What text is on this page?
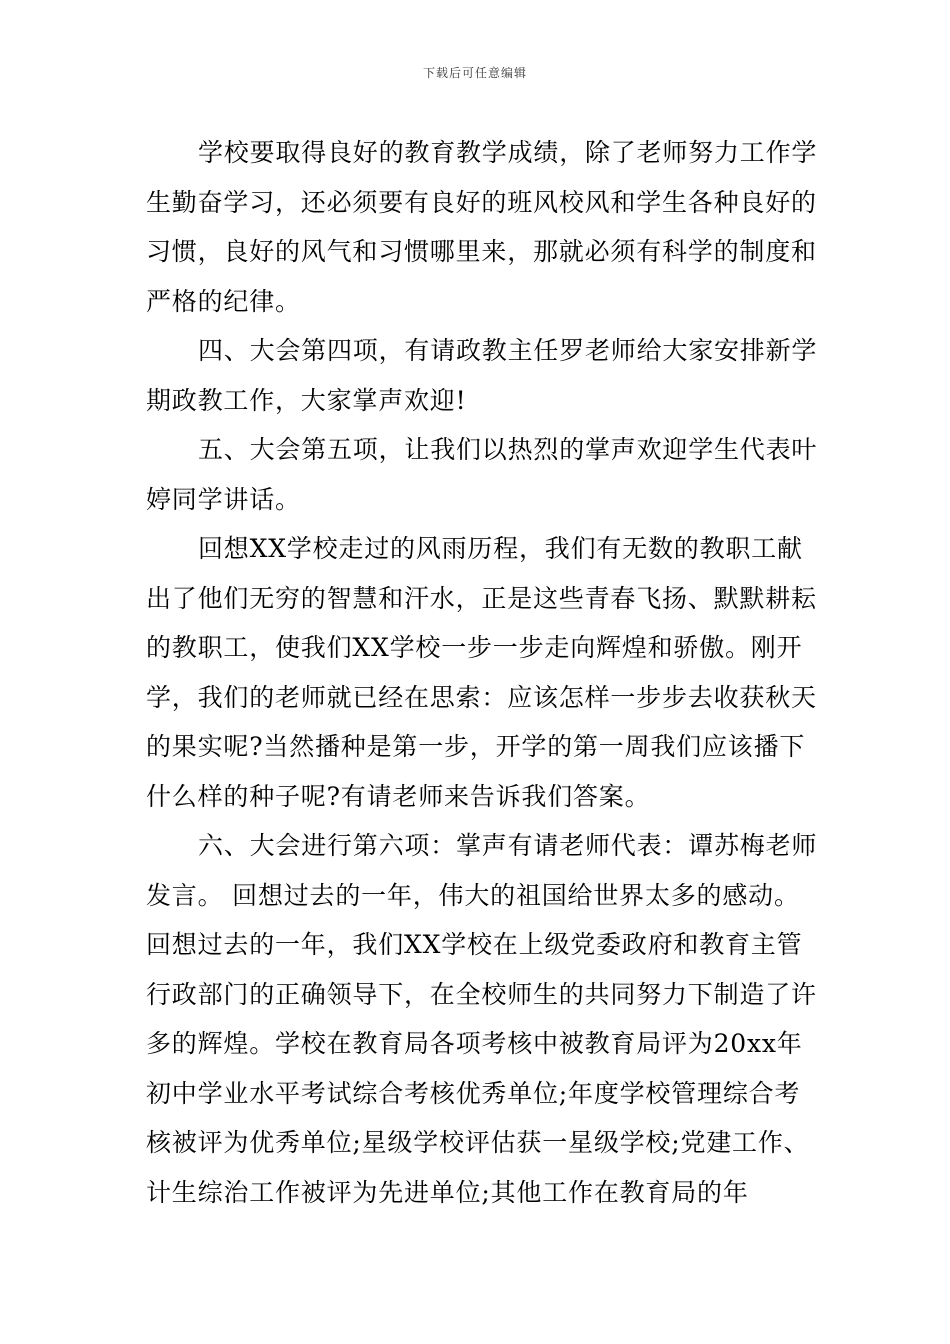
下载后可任意编辑

学校要取得良好的教育教学成绩，除了老师努力工作学生勤奋学习，还必须要有良好的班风校风和学生各种良好的习惯，良好的风气和习惯哪里来，那就必须有科学的制度和严格的纪律。

四、大会第四项，有请政教主任罗老师给大家安排新学期政教工作，大家掌声欢迎!

五、大会第五项，让我们以热烈的掌声欢迎学生代表叶婷同学讲话。

回想XX学校走过的风雨历程，我们有无数的教职工献出了他们无穷的智慧和汗水，正是这些青春飞扬、默默耕耘的教职工，使我们XX学校一步一步走向辉煌和骄傲。刚开学，我们的老师就已经在思索：应该怎样一步步去收获秋天的果实呢?当然播种是第一步，开学的第一周我们应该播下什么样的种子呢?有请老师来告诉我们答案。

六、大会进行第六项：掌声有请老师代表：谭苏梅老师发言。 回想过去的一年，伟大的祖国给世界太多的感动。回想过去的一年，我们XX学校在上级党委政府和教育主管行政部门的正确领导下，在全校师生的共同努力下制造了许多的辉煌。学校在教育局各项考核中被教育局评为20xx年初中学业水平考试综合考核优秀单位;年度学校管理综合考核被评为优秀单位;星级学校评估获一星级学校;党建工作、计生综治工作被评为先进单位;其他工作在教育局的年
